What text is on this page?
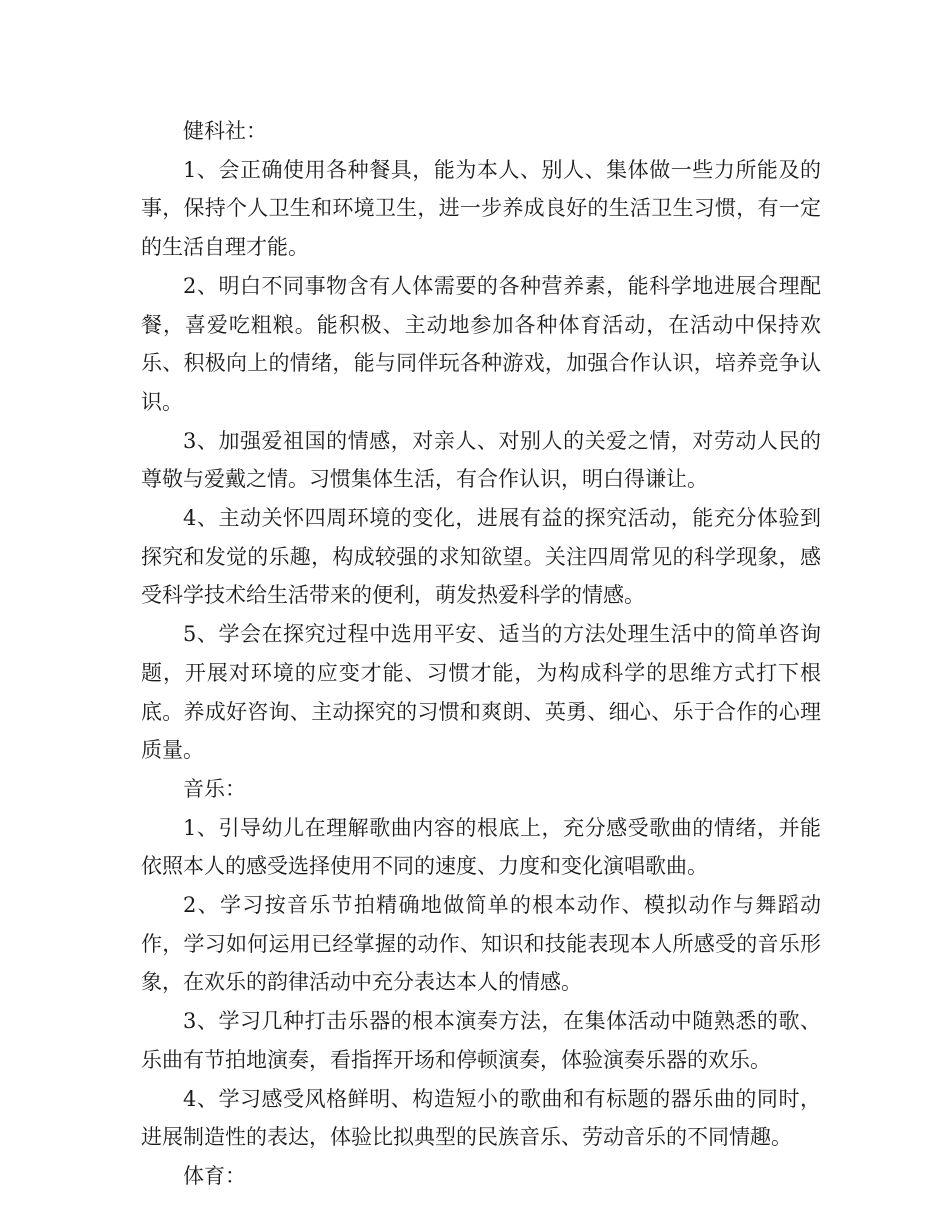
健科社：

1、会正确使用各种餐具，能为本人、别人、集体做一些力所能及的事，保持个人卫生和环境卫生，进一步养成良好的生活卫生习惯，有一定的生活自理才能。

2、明白不同事物含有人体需要的各种营养素，能科学地进展合理配餐，喜爱吃粗粮。能积极、主动地参加各种体育活动，在活动中保持欢乐、积极向上的情绪，能与同伴玩各种游戏，加强合作认识，培养竞争认识。

3、加强爱祖国的情感，对亲人、对别人的关爱之情，对劳动人民的尊敬与爱戴之情。习惯集体生活，有合作认识，明白得谦让。

4、主动关怀四周环境的变化，进展有益的探究活动，能充分体验到探究和发觉的乐趣，构成较强的求知欲望。关注四周常见的科学现象，感受科学技术给生活带来的便利，萌发热爱科学的情感。

5、学会在探究过程中选用平安、适当的方法处理生活中的简单咨询题，开展对环境的应变才能、习惯才能，为构成科学的思维方式打下根底。养成好咨询、主动探究的习惯和爽朗、英勇、细心、乐于合作的心理质量。

音乐：

1、引导幼儿在理解歌曲内容的根底上，充分感受歌曲的情绪，并能依照本人的感受选择使用不同的速度、力度和变化演唱歌曲。

2、学习按音乐节拍精确地做简单的根本动作、模拟动作与舞蹈动作，学习如何运用已经掌握的动作、知识和技能表现本人所感受的音乐形象，在欢乐的韵律活动中充分表达本人的情感。

3、学习几种打击乐器的根本演奏方法，在集体活动中随熟悉的歌、乐曲有节拍地演奏，看指挥开场和停顿演奏，体验演奏乐器的欢乐。

4、学习感受风格鲜明、构造短小的歌曲和有标题的器乐曲的同时，进展制造性的表达，体验比拟典型的民族音乐、劳动音乐的不同情趣。

体育：
